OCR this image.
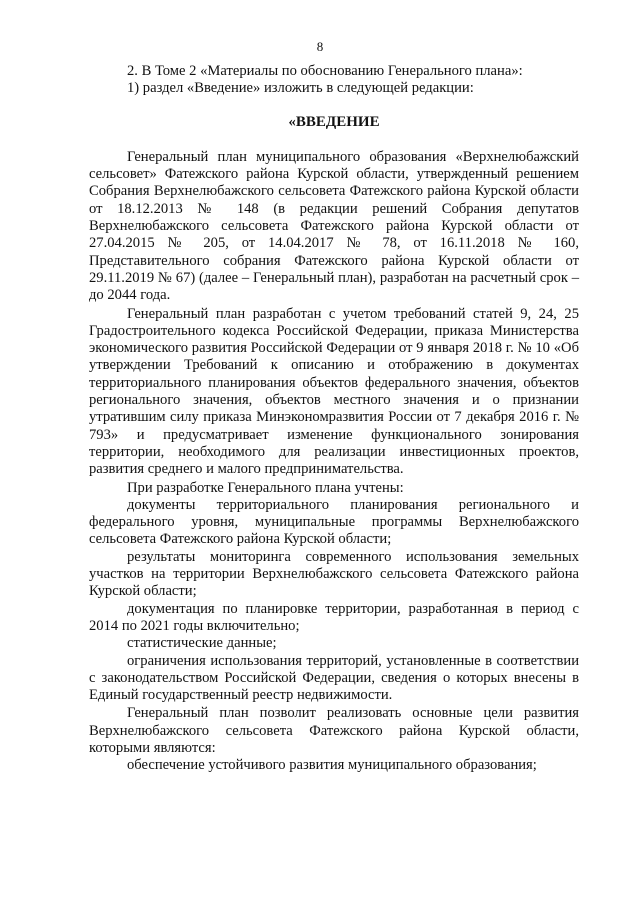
8

2. В Томе 2 «Материалы по обоснованию Генерального плана»:

1) раздел «Введение» изложить в следующей редакции:

«ВВЕДЕНИЕ

Генеральный план муниципального образования «Верхнелюбажский сельсовет» Фатежского района Курской области, утвержденный решением Собрания Верхнелюбажского сельсовета Фатежского района Курской области от 18.12.2013 № 148 (в редакции решений Собрания депутатов Верхнелюбажского сельсовета Фатежского района Курской области от 27.04.2015 № 205, от 14.04.2017 № 78, от 16.11.2018 № 160, Представительного собрания Фатежского района Курской области от 29.11.2019 № 67) (далее – Генеральный план), разработан на расчетный срок – до 2044 года.

Генеральный план разработан с учетом требований статей 9, 24, 25 Градостроительного кодекса Российской Федерации, приказа Министерства экономического развития Российской Федерации от 9 января 2018 г. № 10 «Об утверждении Требований к описанию и отображению в документах территориального планирования объектов федерального значения, объектов регионального значения, объектов местного значения и о признании утратившим силу приказа Минэкономразвития России от 7 декабря 2016 г. № 793» и предусматривает изменение функционального зонирования территории, необходимого для реализации инвестиционных проектов, развития среднего и малого предпринимательства.

При разработке Генерального плана учтены:

документы территориального планирования регионального и федерального уровня, муниципальные программы Верхнелюбажского сельсовета Фатежского района Курской области;

результаты мониторинга современного использования земельных участков на территории Верхнелюбажского сельсовета Фатежского района Курской области;

документация по планировке территории, разработанная в период с 2014 по 2021 годы включительно;

статистические данные;

ограничения использования территорий, установленные в соответствии с законодательством Российской Федерации, сведения о которых внесены в Единый государственный реестр недвижимости.

Генеральный план позволит реализовать основные цели развития Верхнелюбажского сельсовета Фатежского района Курской области, которыми являются:

обеспечение устойчивого развития муниципального образования;
